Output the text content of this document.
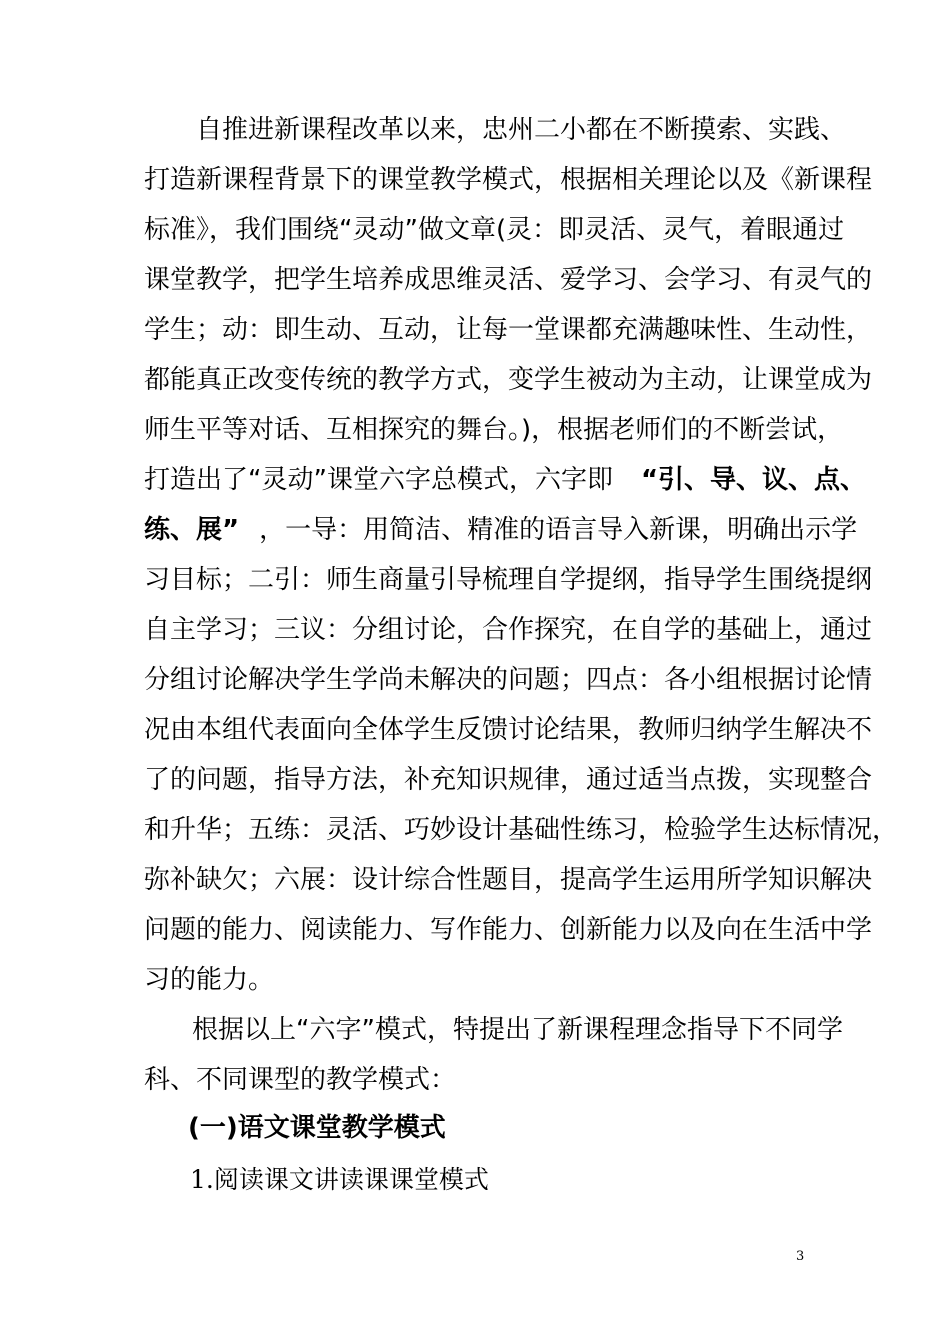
自推进新课程改革以来，忠州二小都在不断摸索、实践、
打造新课程背景下的课堂教学模式，根据相关理论以及《新课程
标准》，我们围绕“灵动”做文章(灵：即灵活、灵气，着眼通过
课堂教学，把学生培养成思维灵活、爱学习、会学习、有灵气的
学生；动：即生动、互动，让每一堂课都充满趣味性、生动性，
都能真正改变传统的教学方式，变学生被动为主动，让课堂成为
师生平等对话、互相探究的舞台。)，根据老师们的不断尝试，
打造出了“灵动”课堂六字总模式，六字即 “引、导、议、点、
练、展” ，一导：用简洁、精准的语言导入新课，明确出示学
习目标；二引：师生商量引导梳理自学提纲，指导学生围绕提纲
自主学习；三议：分组讨论，合作探究，在自学的基础上，通过
分组讨论解决学生学尚未解决的问题；四点：各小组根据讨论情
况由本组代表面向全体学生反馈讨论结果，教师归纳学生解决不
了的问题，指导方法，补充知识规律，通过适当点拨，实现整合
和升华；五练：灵活、巧妙设计基础性练习，检验学生达标情况，
弥补缺欠；六展：设计综合性题目，提高学生运用所学知识解决
问题的能力、阅读能力、写作能力、创新能力以及向在生活中学
习的能力。
根据以上“六字”模式，特提出了新课程理念指导下不同学
科、不同课型的教学模式：
(一)语文课堂教学模式
1.阅读课文讲读课课堂模式
3
